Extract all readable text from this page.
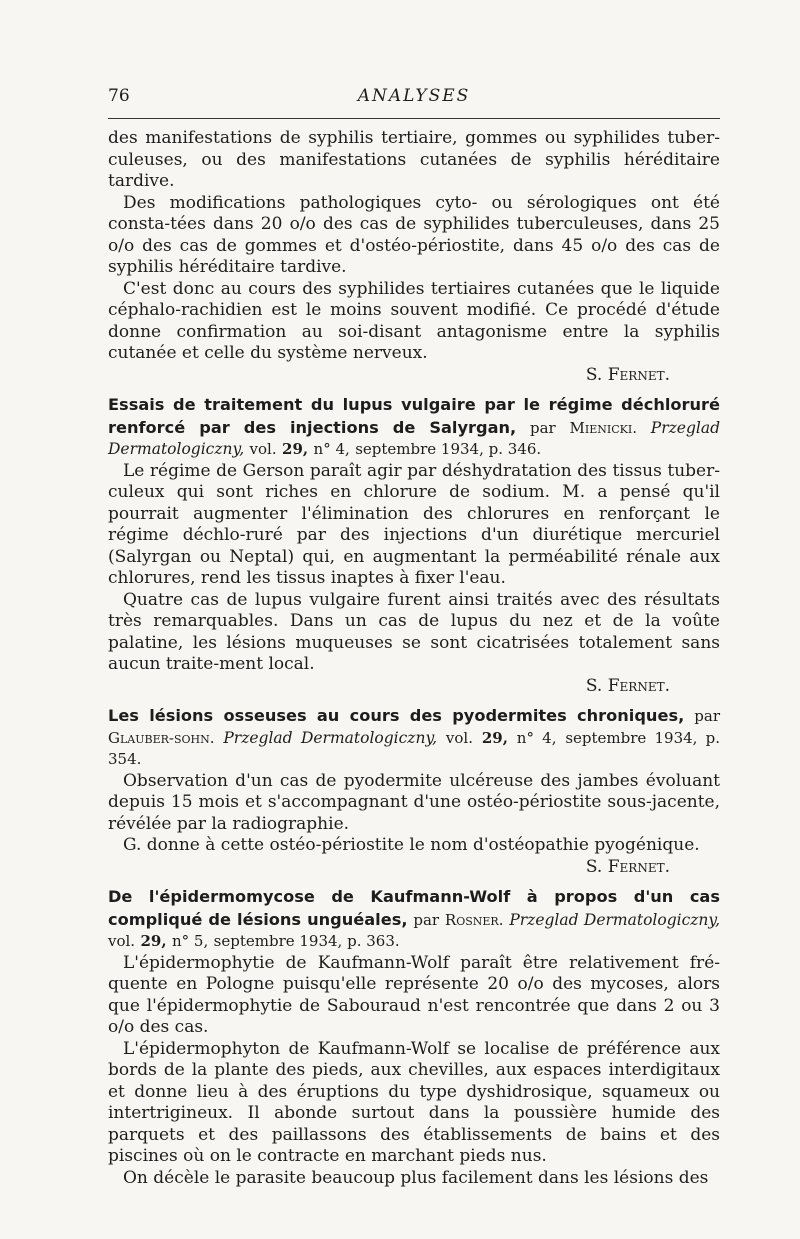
76	ANALYSES

des manifestations de syphilis tertiaire, gommes ou syphilides tuber-culeuses, ou des manifestations cutanées de syphilis héréditaire tardive.

Des modifications pathologiques cyto- ou sérologiques ont été consta-tées dans 20 o/o des cas de syphilides tuberculeuses, dans 25 o/o des cas de gommes et d'ostéo-périostite, dans 45 o/o des cas de syphilis héréditaire tardive.

C'est donc au cours des syphilides tertiaires cutanées que le liquide céphalo-rachidien est le moins souvent modifié. Ce procédé d'étude donne confirmation au soi-disant antagonisme entre la syphilis cutanée et celle du système nerveux.

S. Fernet.

Essais de traitement du lupus vulgaire par le régime déchloruré renforcé par des injections de Salyrgan, par Mienicki. Przeglad Dermatologiczny, vol. 29, n° 4, septembre 1934, p. 346.

Le régime de Gerson paraît agir par déshydratation des tissus tuber-culeux qui sont riches en chlorure de sodium. M. a pensé qu'il pourrait augmenter l'élimination des chlorures en renforçant le régime déchlo-ruré par des injections d'un diurétique mercuriel (Salyrgan ou Neptal) qui, en augmentant la perméabilité rénale aux chlorures, rend les tissus inaptes à fixer l'eau.

Quatre cas de lupus vulgaire furent ainsi traités avec des résultats très remarquables. Dans un cas de lupus du nez et de la voûte palatine, les lésions muqueuses se sont cicatrisées totalement sans aucun traite-ment local.

S. Fernet.

Les lésions osseuses au cours des pyodermites chroniques, par Glauber-sohn. Przeglad Dermatologiczny, vol. 29, n° 4, septembre 1934, p. 354.

Observation d'un cas de pyodermite ulcéreuse des jambes évoluant depuis 15 mois et s'accompagnant d'une ostéo-périostite sous-jacente, révélée par la radiographie.

G. donne à cette ostéo-périostite le nom d'ostéopathie pyogénique.

S. Fernet.

De l'épidermomycose de Kaufmann-Wolf à propos d'un cas compliqué de lésions unguéales, par Rosner. Przeglad Dermatologiczny, vol. 29, n° 5, septembre 1934, p. 363.

L'épidermophytie de Kaufmann-Wolf paraît être relativement fré-quente en Pologne puisqu'elle représente 20 o/o des mycoses, alors que l'épidermophytie de Sabouraud n'est rencontrée que dans 2 ou 3 o/o des cas.

L'épidermophyton de Kaufmann-Wolf se localise de préférence aux bords de la plante des pieds, aux chevilles, aux espaces interdigitaux et donne lieu à des éruptions du type dyshidrosique, squameux ou intertrigineux. Il abonde surtout dans la poussière humide des parquets et des paillassons des établissements de bains et des piscines où on le contracte en marchant pieds nus.

On décèle le parasite beaucoup plus facilement dans les lésions des
